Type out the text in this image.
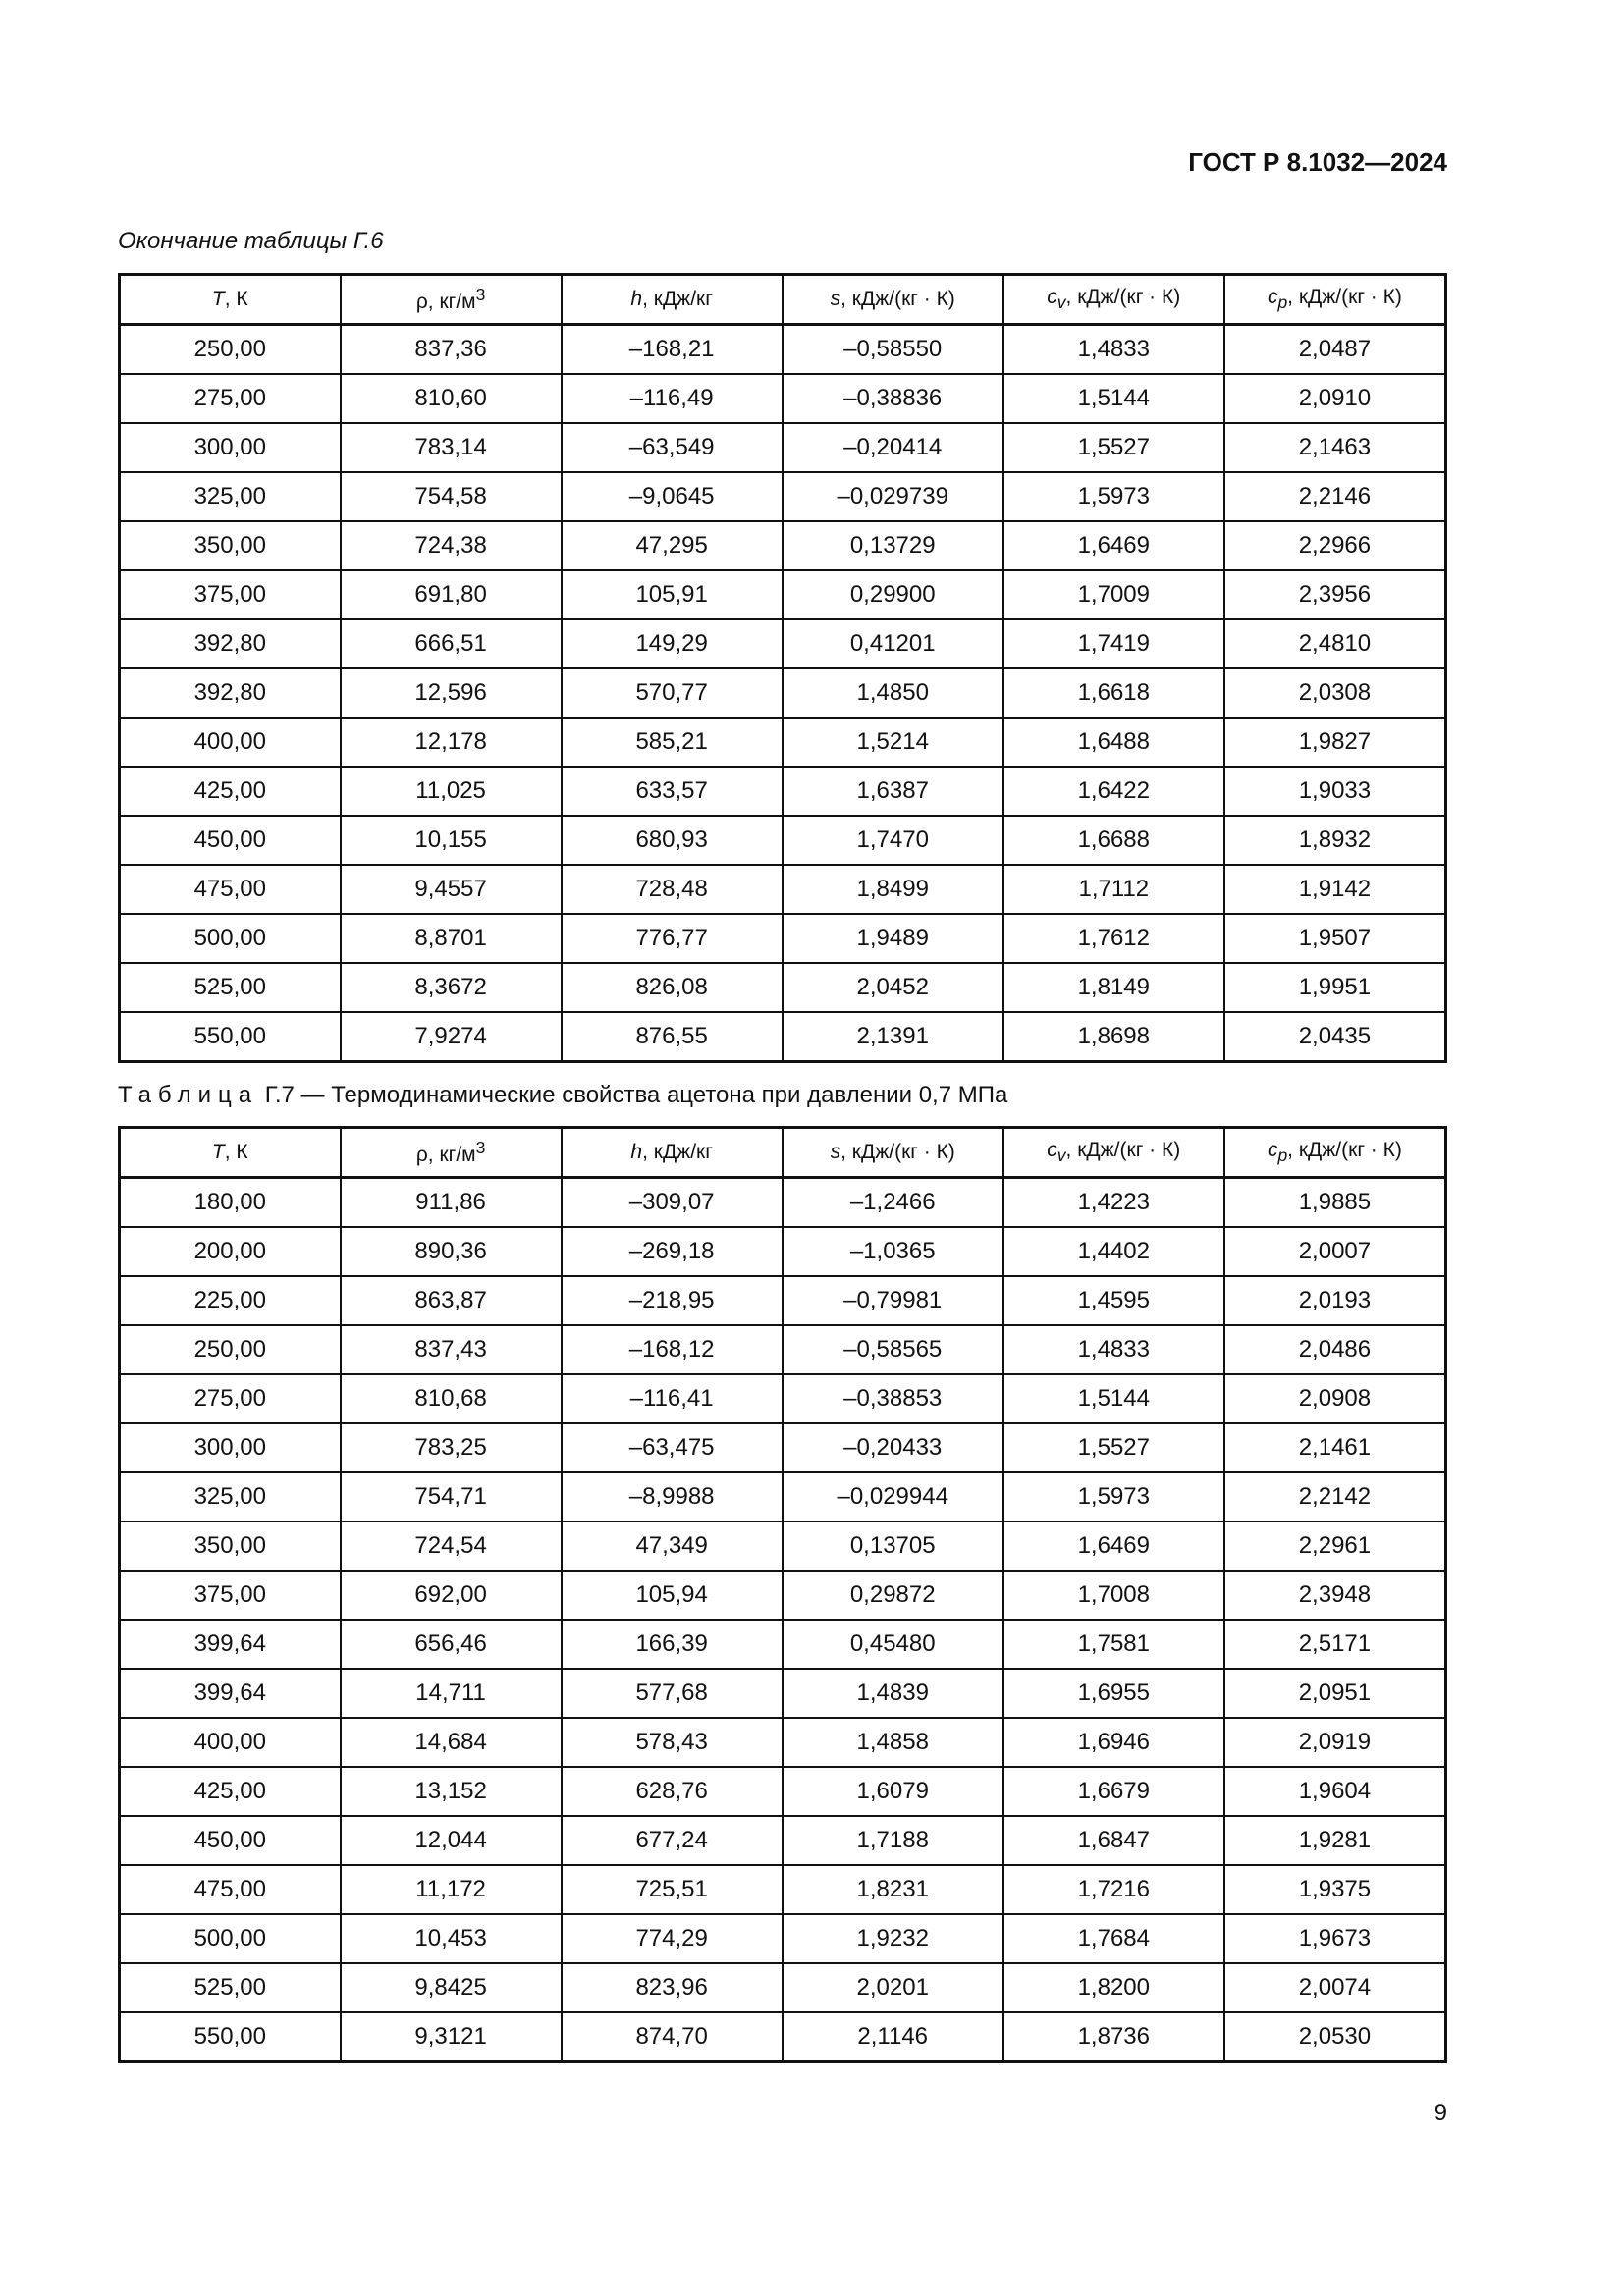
ГОСТ Р 8.1032—2024
Окончание таблицы Г.6
T, К	ρ, $кг/м^3$	h, кДж/кг	s, кДж/(кг · К)	$c_v$, кДж/(кг · К)	$c_p$, кДж/(кг · К)
250,00	837,36	–168,21	–0,58550	1,4833	2,0487
275,00	810,60	–116,49	–0,38836	1,5144	2,0910
300,00	783,14	–63,549	–0,20414	1,5527	2,1463
325,00	754,58	–9,0645	–0,029739	1,5973	2,2146
350,00	724,38	47,295	0,13729	1,6469	2,2966
375,00	691,80	105,91	0,29900	1,7009	2,3956
392,80	666,51	149,29	0,41201	1,7419	2,4810
392,80	12,596	570,77	1,4850	1,6618	2,0308
400,00	12,178	585,21	1,5214	1,6488	1,9827
425,00	11,025	633,57	1,6387	1,6422	1,9033
450,00	10,155	680,93	1,7470	1,6688	1,8932
475,00	9,4557	728,48	1,8499	1,7112	1,9142
500,00	8,8701	776,77	1,9489	1,7612	1,9507
525,00	8,3672	826,08	2,0452	1,8149	1,9951
550,00	7,9274	876,55	2,1391	1,8698	2,0435
Таблица Г.7 — Термодинамические свойства ацетона при давлении 0,7 МПа
T, К	ρ, $кг/м^3$	h, кДж/кг	s, кДж/(кг · К)	$c_v$, кДж/(кг · К)	$c_p$, кДж/(кг · К)
180,00	911,86	–309,07	–1,2466	1,4223	1,9885
200,00	890,36	–269,18	–1,0365	1,4402	2,0007
225,00	863,87	–218,95	–0,79981	1,4595	2,0193
250,00	837,43	–168,12	–0,58565	1,4833	2,0486
275,00	810,68	–116,41	–0,38853	1,5144	2,0908
300,00	783,25	–63,475	–0,20433	1,5527	2,1461
325,00	754,71	–8,9988	–0,029944	1,5973	2,2142
350,00	724,54	47,349	0,13705	1,6469	2,2961
375,00	692,00	105,94	0,29872	1,7008	2,3948
399,64	656,46	166,39	0,45480	1,7581	2,5171
399,64	14,711	577,68	1,4839	1,6955	2,0951
400,00	14,684	578,43	1,4858	1,6946	2,0919
425,00	13,152	628,76	1,6079	1,6679	1,9604
450,00	12,044	677,24	1,7188	1,6847	1,9281
475,00	11,172	725,51	1,8231	1,7216	1,9375
500,00	10,453	774,29	1,9232	1,7684	1,9673
525,00	9,8425	823,96	2,0201	1,8200	2,0074
550,00	9,3121	874,70	2,1146	1,8736	2,0530
9
